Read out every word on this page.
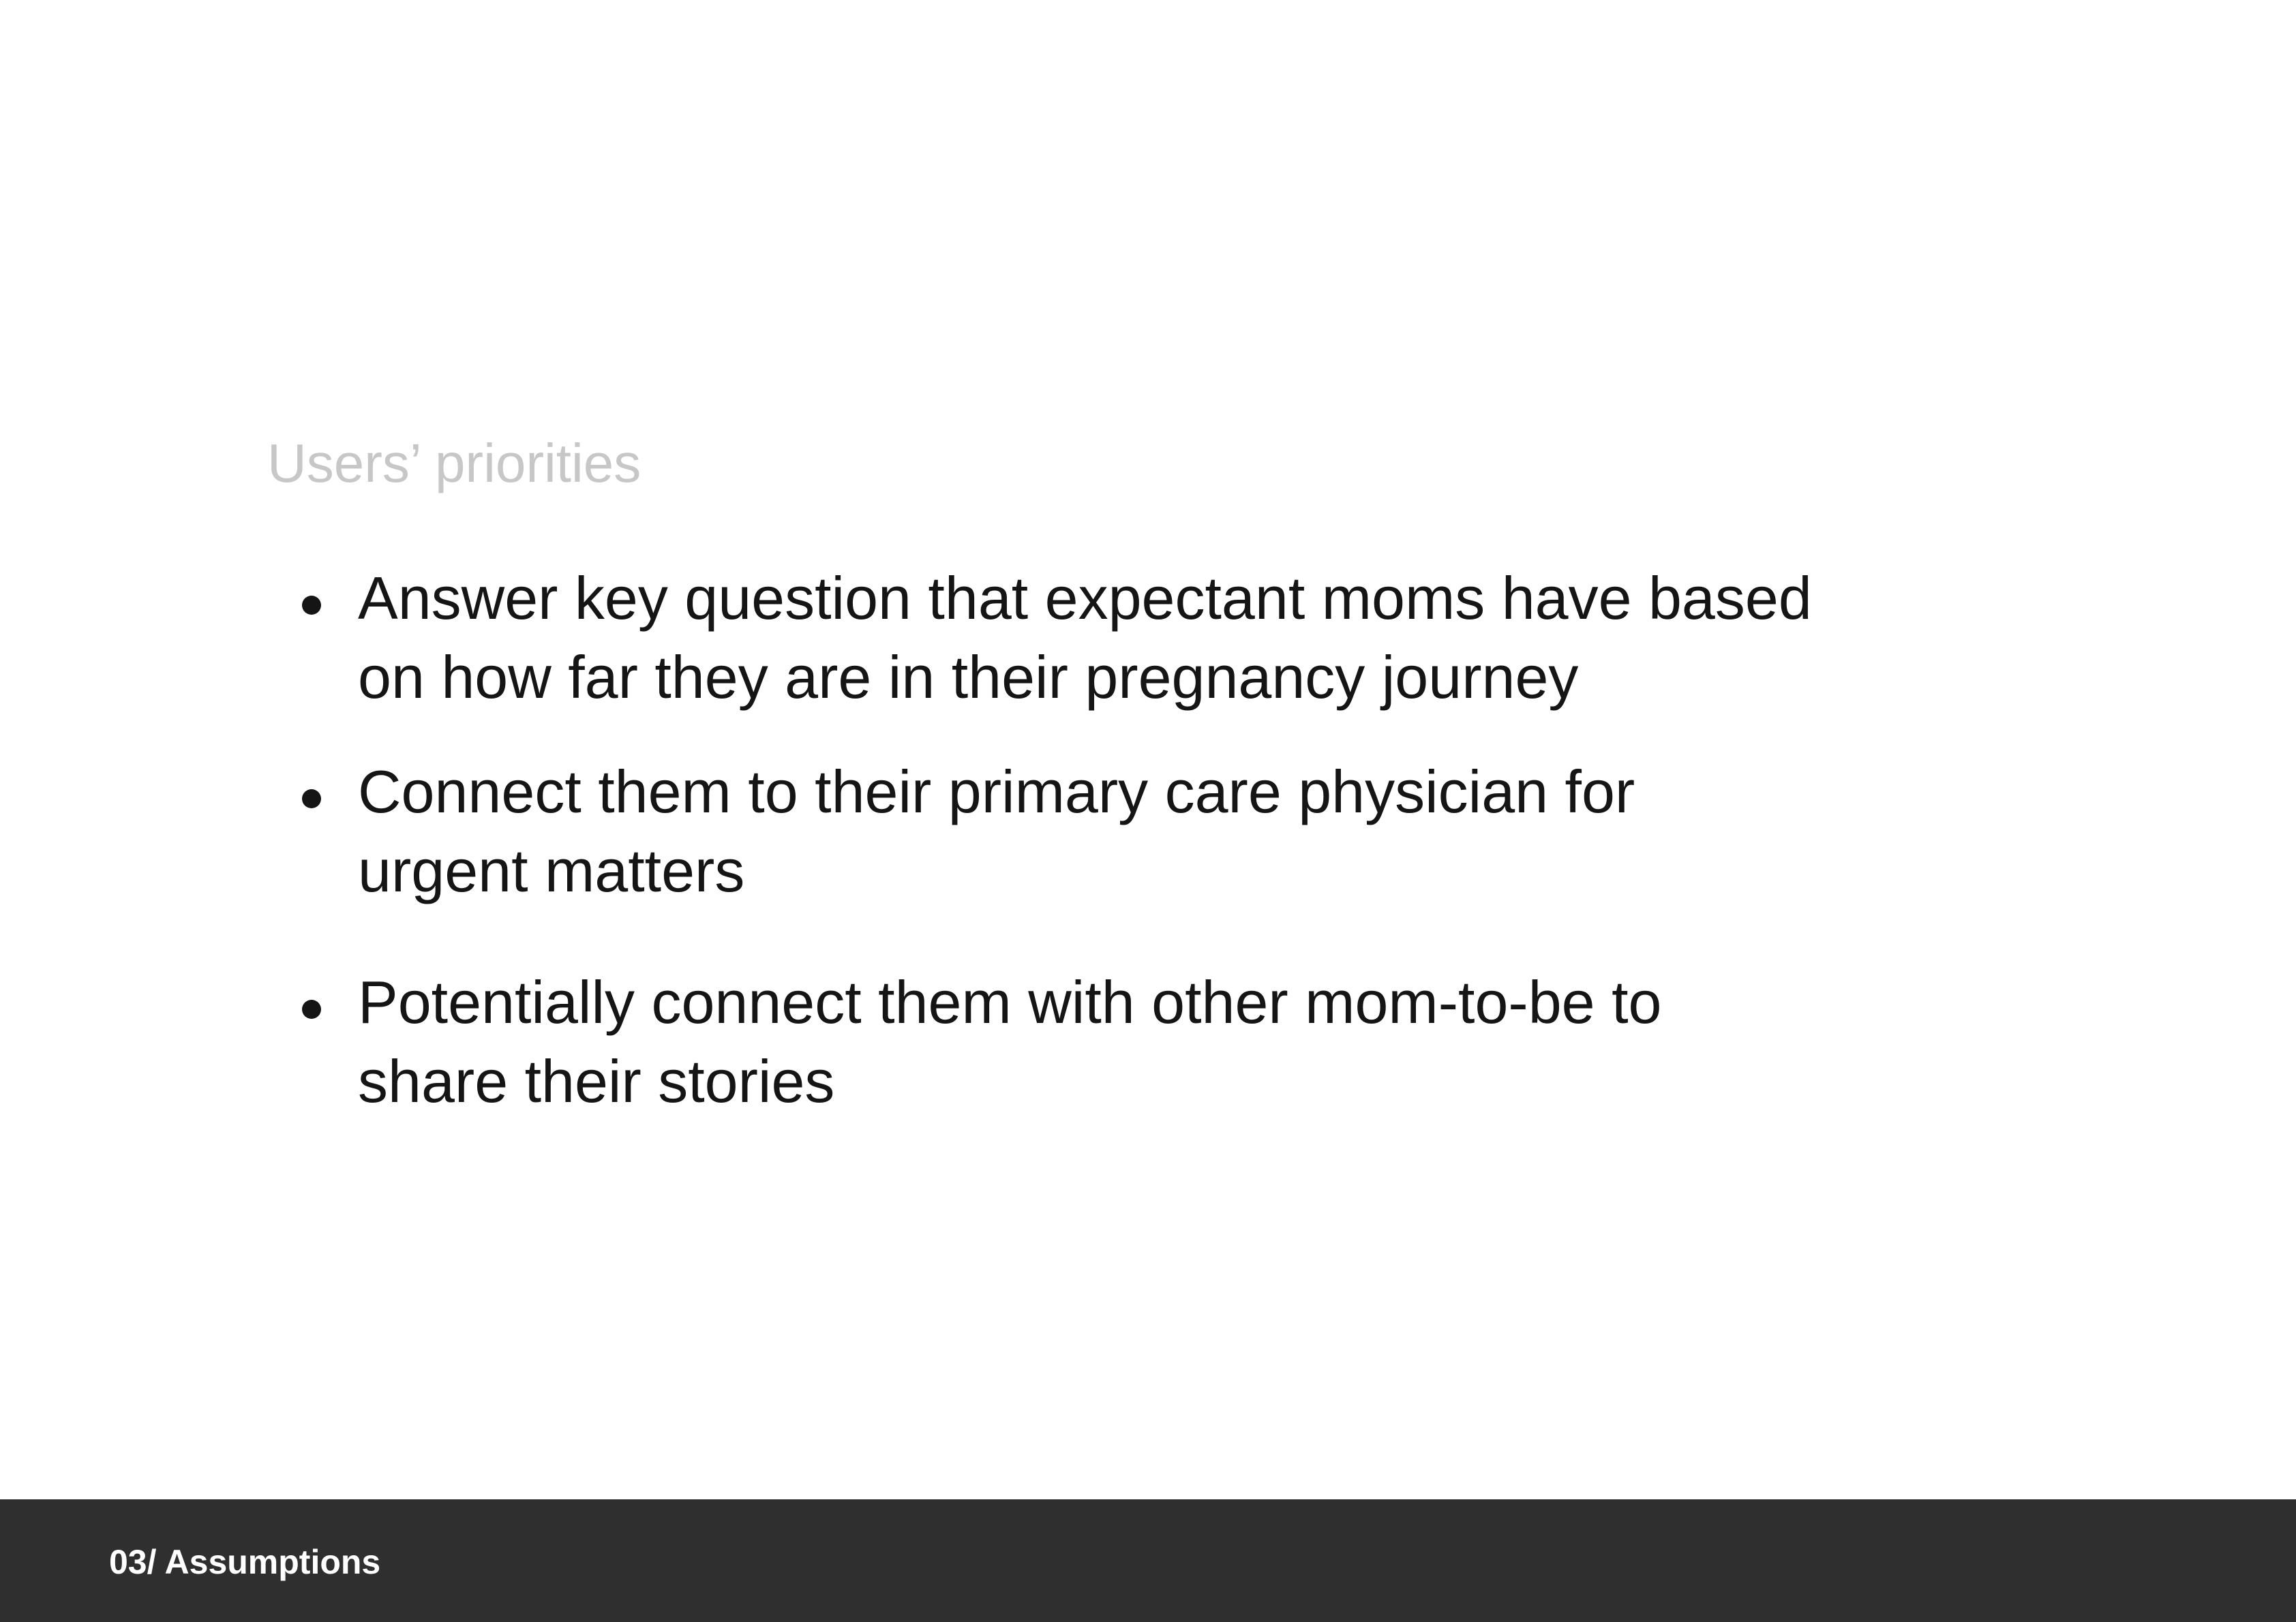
Users’ priorities
Answer key question that expectant moms have based
on how far they are in their pregnancy journey
Connect them to their primary care physician for
urgent matters
Potentially connect them with other mom-to-be to
share their stories
03/ Assumptions
